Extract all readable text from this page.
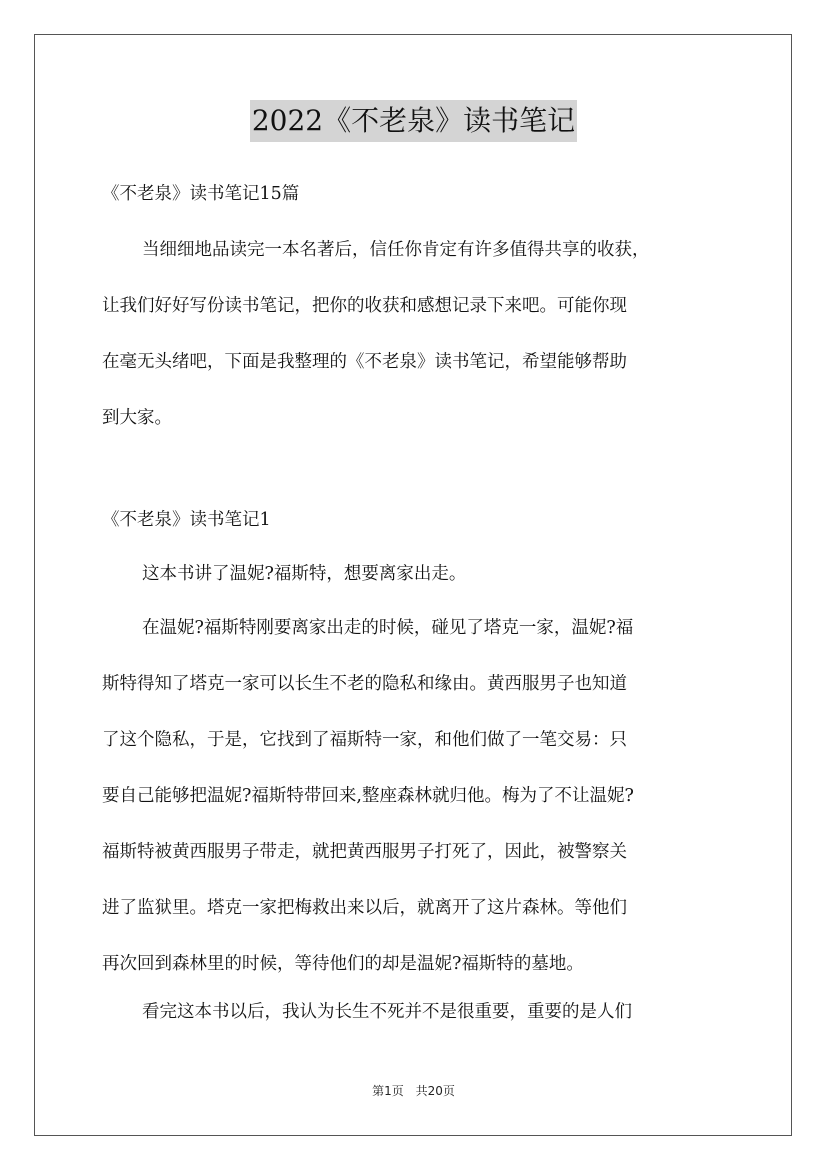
2022《不老泉》读书笔记

《不老泉》读书笔记15篇

当细细地品读完一本名著后，信任你肯定有许多值得共享的收获，
让我们好好写份读书笔记，把你的收获和感想记录下来吧。可能你现
在毫无头绪吧，下面是我整理的《不老泉》读书笔记，希望能够帮助
到大家。

《不老泉》读书笔记1

这本书讲了温妮?福斯特，想要离家出走。

在温妮?福斯特刚要离家出走的时候，碰见了塔克一家，温妮?福
斯特得知了塔克一家可以长生不老的隐私和缘由。黄西服男子也知道
了这个隐私，于是，它找到了福斯特一家，和他们做了一笔交易：只
要自己能够把温妮?福斯特带回来,整座森林就归他。梅为了不让温妮?
福斯特被黄西服男子带走，就把黄西服男子打死了，因此，被警察关
进了监狱里。塔克一家把梅救出来以后，就离开了这片森林。等他们
再次回到森林里的时候，等待他们的却是温妮?福斯特的墓地。

看完这本书以后，我认为长生不死并不是很重要，重要的是人们

第1页 共20页
